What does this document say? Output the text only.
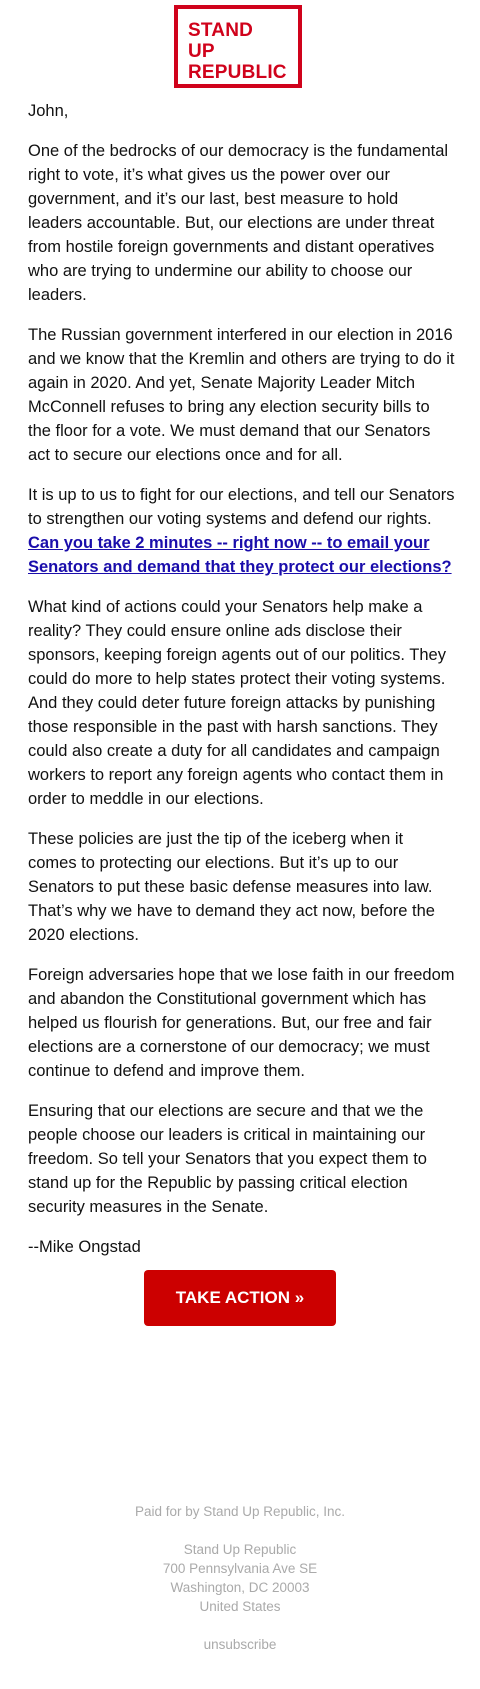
STAND
UP
REPUBLIC

John,

One of the bedrocks of our democracy is the fundamental right to vote, it’s what gives us the power over our government, and it’s our last, best measure to hold leaders accountable. But, our elections are under threat from hostile foreign governments and distant operatives who are trying to undermine our ability to choose our leaders.

The Russian government interfered in our election in 2016 and we know that the Kremlin and others are trying to do it again in 2020. And yet, Senate Majority Leader Mitch McConnell refuses to bring any election security bills to the floor for a vote. We must demand that our Senators act to secure our elections once and for all.

It is up to us to fight for our elections, and tell our Senators to strengthen our voting systems and defend our rights. Can you take 2 minutes -- right now -- to email your Senators and demand that they protect our elections?

What kind of actions could your Senators help make a reality? They could ensure online ads disclose their sponsors, keeping foreign agents out of our politics. They could do more to help states protect their voting systems. And they could deter future foreign attacks by punishing those responsible in the past with harsh sanctions. They could also create a duty for all candidates and campaign workers to report any foreign agents who contact them in order to meddle in our elections.

These policies are just the tip of the iceberg when it comes to protecting our elections. But it’s up to our Senators to put these basic defense measures into law. That’s why we have to demand they act now, before the 2020 elections.

Foreign adversaries hope that we lose faith in our freedom and abandon the Constitutional government which has helped us flourish for generations. But, our free and fair elections are a cornerstone of our democracy; we must continue to defend and improve them.

Ensuring that our elections are secure and that we the people choose our leaders is critical in maintaining our freedom. So tell your Senators that you expect them to stand up for the Republic by passing critical election security measures in the Senate.

--Mike Ongstad

TAKE ACTION »
Paid for by Stand Up Republic, Inc.
Stand Up Republic
700 Pennsylvania Ave SE
Washington, DC 20003
United States
unsubscribe
